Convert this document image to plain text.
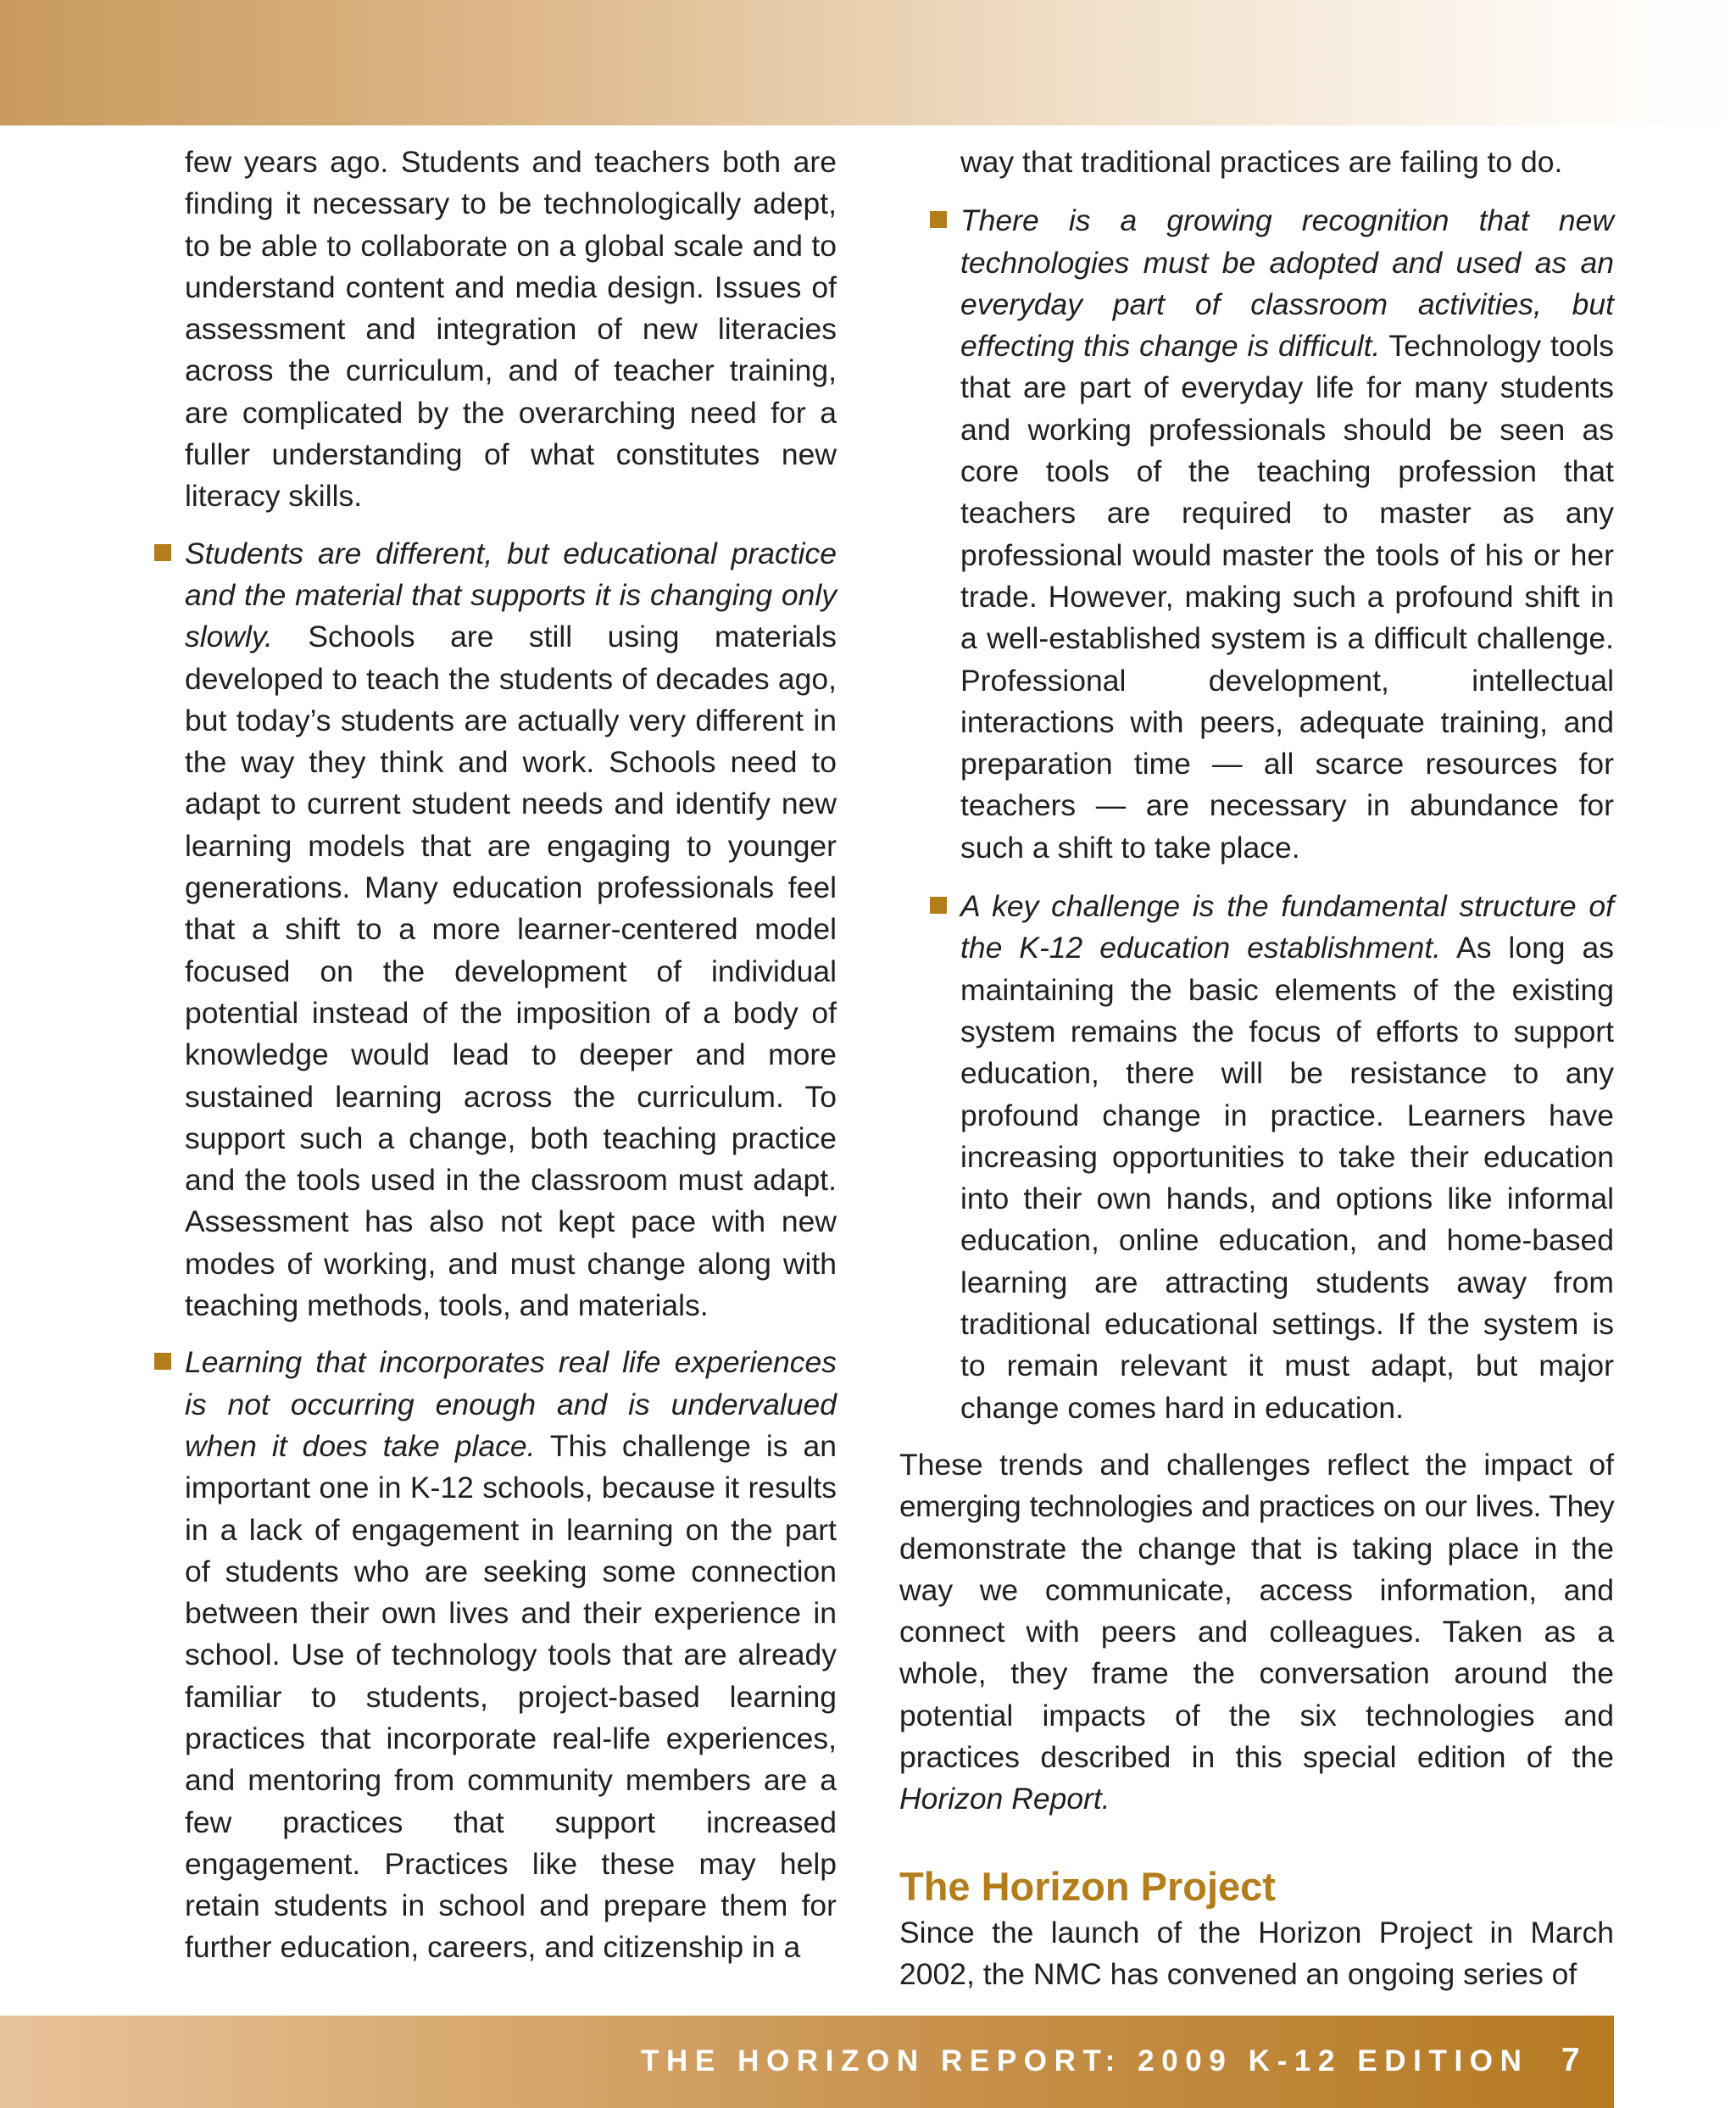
few years ago. Students and teachers both are finding it necessary to be technologically adept, to be able to collaborate on a global scale and to understand content and media design. Issues of assessment and integration of new literacies across the curriculum, and of teacher training, are complicated by the overarching need for a fuller understanding of what constitutes new literacy skills.

Students are different, but educational practice and the material that supports it is changing only slowly. Schools are still using materials developed to teach the students of decades ago, but today’s students are actually very different in the way they think and work. Schools need to adapt to current student needs and identify new learning models that are engaging to younger generations. Many education professionals feel that a shift to a more learner-centered model focused on the development of individual potential instead of the imposition of a body of knowledge would lead to deeper and more sustained learning across the curriculum. To support such a change, both teaching practice and the tools used in the classroom must adapt. Assessment has also not kept pace with new modes of working, and must change along with teaching methods, tools, and materials.
Learning that incorporates real life experiences is not occurring enough and is undervalued when it does take place. This challenge is an important one in K-12 schools, because it results in a lack of engagement in learning on the part of students who are seeking some connection between their own lives and their experience in school. Use of technology tools that are already familiar to students, project-based learning practices that incorporate real-life experiences, and mentoring from community members are a few practices that support increased engagement. Practices like these may help retain students in school and prepare them for further education, careers, and citizenship in a

way that traditional practices are failing to do.

There is a growing recognition that new technologies must be adopted and used as an everyday part of classroom activities, but effecting this change is difficult. Technology tools that are part of everyday life for many students and working professionals should be seen as core tools of the teaching profession that teachers are required to master as any professional would master the tools of his or her trade. However, making such a profound shift in a well-established system is a difficult challenge. Professional development, intellectual interactions with peers, adequate training, and preparation time — all scarce resources for teachers — are necessary in abundance for such a shift to take place.
A key challenge is the fundamental structure of the K-12 education establishment. As long as maintaining the basic elements of the existing system remains the focus of efforts to support education, there will be resistance to any profound change in practice. Learners have increasing opportunities to take their education into their own hands, and options like informal education, online education, and home-based learning are attracting students away from traditional educational settings. If the system is to remain relevant it must adapt, but major change comes hard in education.

These trends and challenges reflect the impact of emerging technologies and practices on our lives. They demonstrate the change that is taking place in the way we communicate, access information, and connect with peers and colleagues. Taken as a whole, they frame the conversation around the potential impacts of the six technologies and practices described in this special edition of the Horizon Report.

The Horizon Project

Since the launch of the Horizon Project in March 2002, the NMC has convened an ongoing series of

THE HORIZON REPORT: 2009 K-12 EDITION 7
